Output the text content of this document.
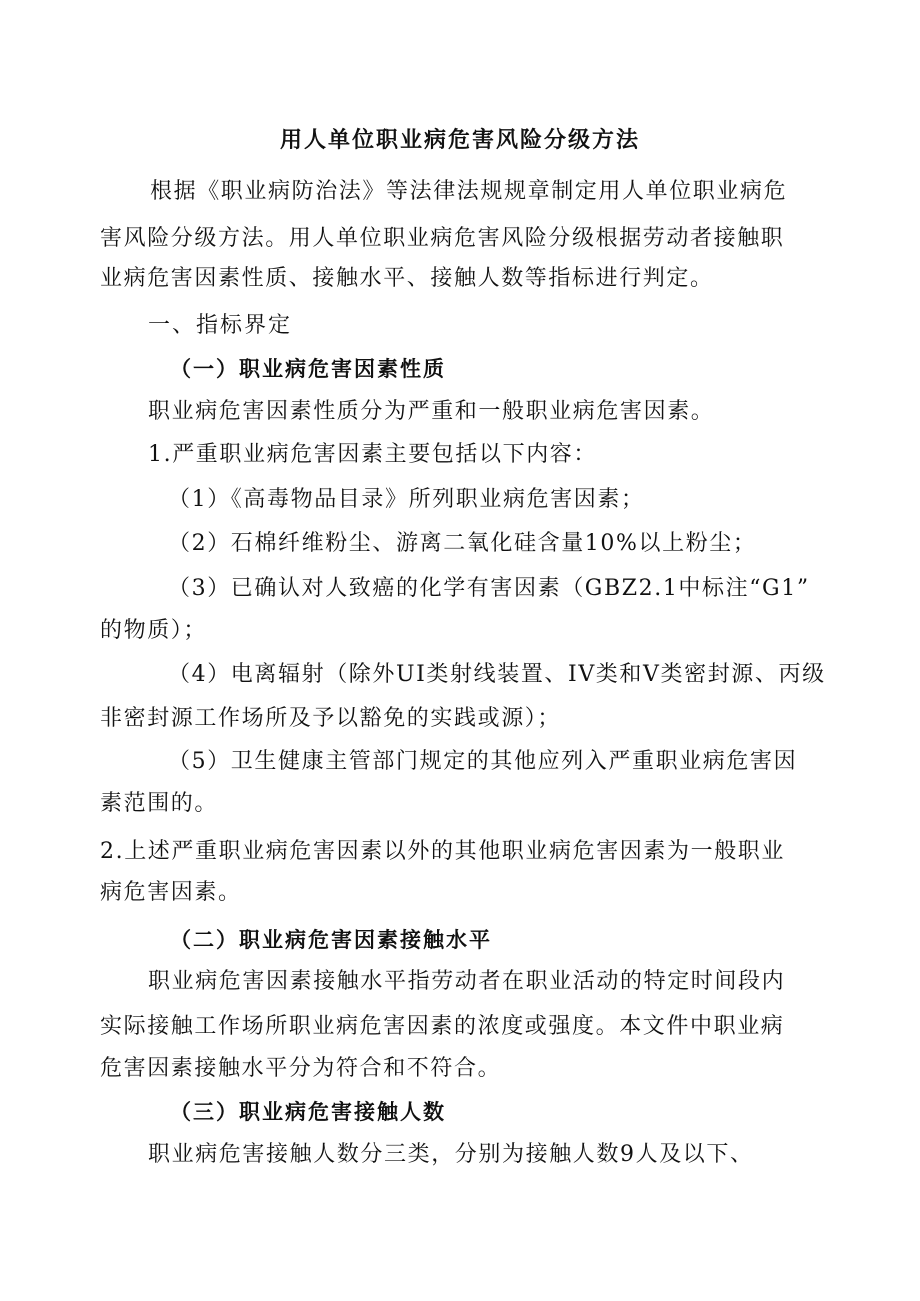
用人单位职业病危害风险分级方法
根据《职业病防治法》等法律法规规章制定用人单位职业病危
害风险分级方法。用人单位职业病危害风险分级根据劳动者接触职
业病危害因素性质、接触水平、接触人数等指标进行判定。
一、指标界定
（一）职业病危害因素性质
职业病危害因素性质分为严重和一般职业病危害因素。
1.严重职业病危害因素主要包括以下内容：
（1）《高毒物品目录》所列职业病危害因素；
（2）石棉纤维粉尘、游离二氧化硅含量10%以上粉尘；
（3）已确认对人致癌的化学有害因素（GBZ2.1中标注“G1”
的物质）；
（4）电离辐射（除外UI类射线装置、IV类和V类密封源、丙级
非密封源工作场所及予以豁免的实践或源）；
（5）卫生健康主管部门规定的其他应列入严重职业病危害因
素范围的。
2.上述严重职业病危害因素以外的其他职业病危害因素为一般职业
病危害因素。
（二）职业病危害因素接触水平
职业病危害因素接触水平指劳动者在职业活动的特定时间段内
实际接触工作场所职业病危害因素的浓度或强度。本文件中职业病
危害因素接触水平分为符合和不符合。
（三）职业病危害接触人数
职业病危害接触人数分三类，分别为接触人数9人及以下、
